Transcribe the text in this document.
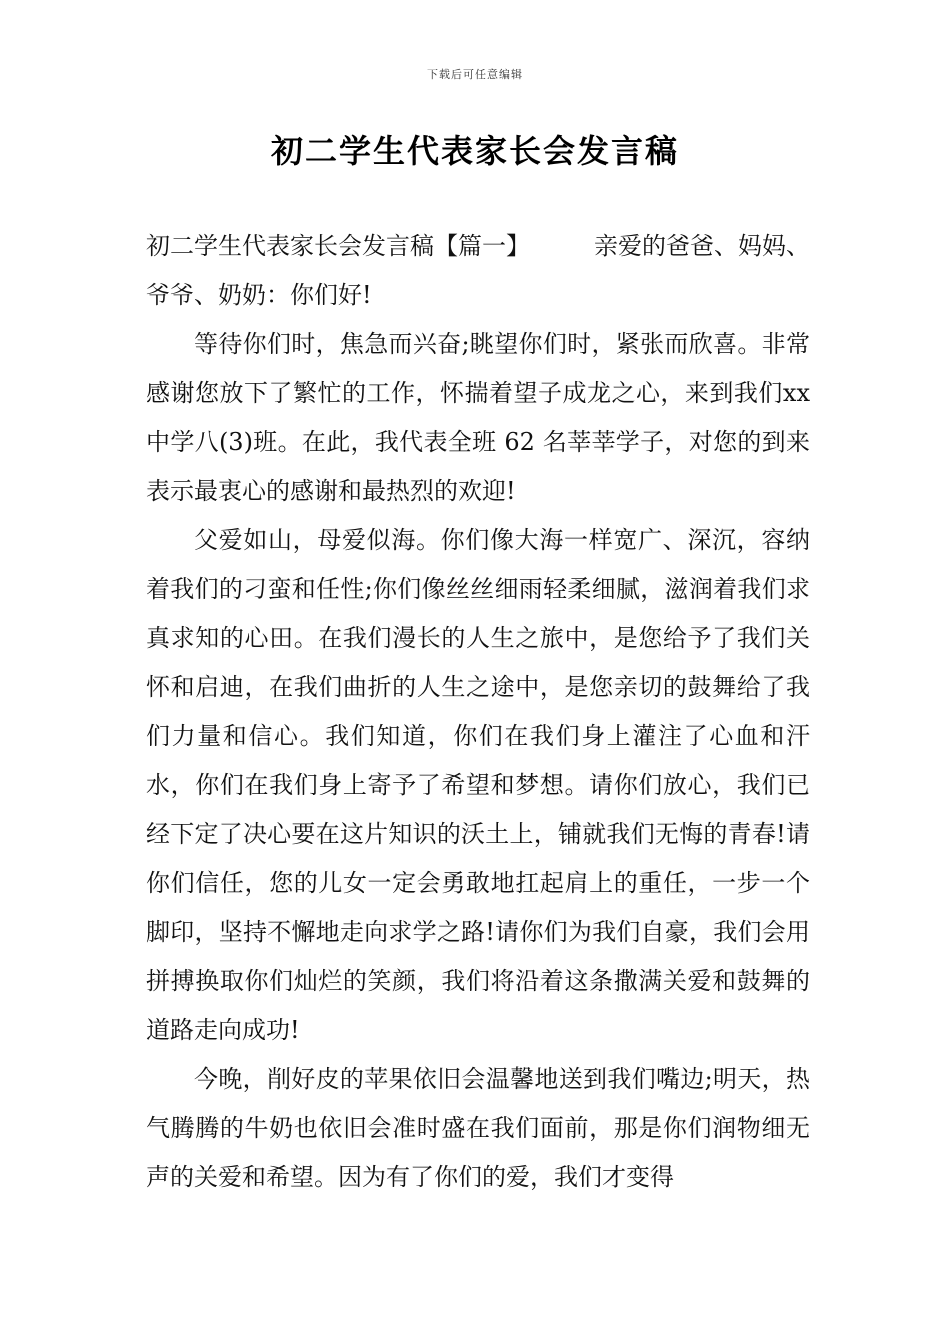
下载后可任意编辑
初二学生代表家长会发言稿

初二学生代表家长会发言稿【篇一】	亲爱的爸爸、妈妈、爷爷、奶奶：你们好!

等待你们时，焦急而兴奋;眺望你们时，紧张而欣喜。非常感谢您放下了繁忙的工作，怀揣着望子成龙之心，来到我们xx中学八(3)班。在此，我代表全班 62 名莘莘学子，对您的到来表示最衷心的感谢和最热烈的欢迎!

父爱如山，母爱似海。你们像大海一样宽广、深沉，容纳着我们的刁蛮和任性;你们像丝丝细雨轻柔细腻，滋润着我们求真求知的心田。在我们漫长的人生之旅中，是您给予了我们关怀和启迪，在我们曲折的人生之途中，是您亲切的鼓舞给了我们力量和信心。我们知道，你们在我们身上灌注了心血和汗水，你们在我们身上寄予了希望和梦想。请你们放心，我们已经下定了决心要在这片知识的沃土上，铺就我们无悔的青春!请你们信任，您的儿女一定会勇敢地扛起肩上的重任，一步一个脚印，坚持不懈地走向求学之路!请你们为我们自豪，我们会用拼搏换取你们灿烂的笑颜，我们将沿着这条撒满关爱和鼓舞的道路走向成功!

今晚，削好皮的苹果依旧会温馨地送到我们嘴边;明天，热气腾腾的牛奶也依旧会准时盛在我们面前，那是你们润物细无声的关爱和希望。因为有了你们的爱，我们才变得
